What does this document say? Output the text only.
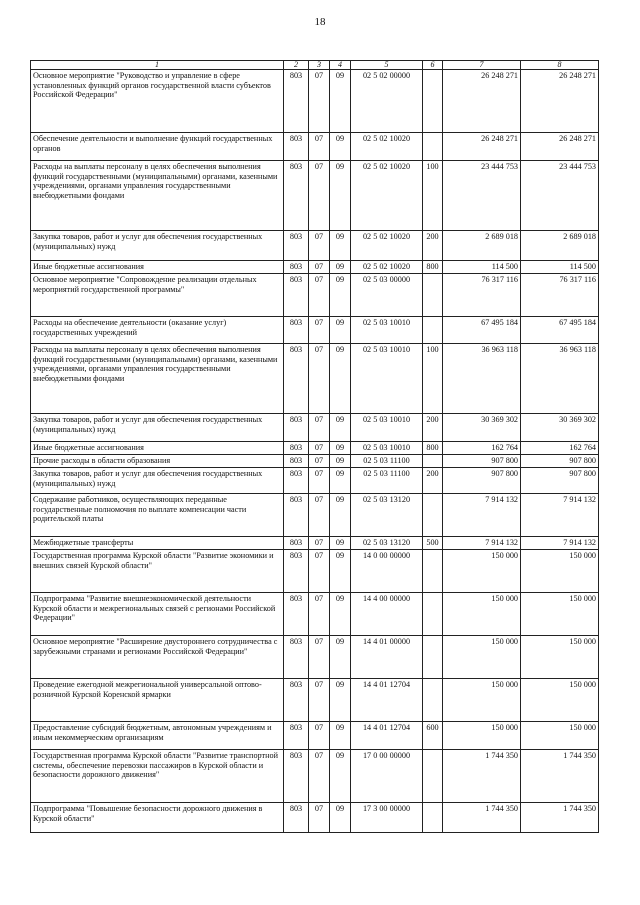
18
1	2	3	4	5	6	7	8
Основное мероприятие "Руководство и управление в сфере установленных функций органов государственной власти субъектов Российской Федерации"	803	07	09	02 5 02 00000		26 248 271	26 248 271
Обеспечение деятельности и выполнение функций государственных органов	803	07	09	02 5 02 10020		26 248 271	26 248 271
Расходы на выплаты персоналу в целях обеспечения выполнения функций государственными (муниципальными) органами, казенными учреждениями, органами управления государственными внебюджетными фондами	803	07	09	02 5 02 10020	100	23 444 753	23 444 753
Закупка товаров, работ и услуг для обеспечения государственных (муниципальных) нужд	803	07	09	02 5 02 10020	200	2 689 018	2 689 018
Иные бюджетные ассигнования	803	07	09	02 5 02 10020	800	114 500	114 500
Основное мероприятие "Сопровождение реализации отдельных мероприятий государственной программы"	803	07	09	02 5 03 00000		76 317 116	76 317 116
Расходы на обеспечение деятельности (оказание услуг) государственных учреждений	803	07	09	02 5 03 10010		67 495 184	67 495 184
Расходы на выплаты персоналу в целях обеспечения выполнения функций государственными (муниципальными) органами, казенными учреждениями, органами управления государственными внебюджетными фондами	803	07	09	02 5 03 10010	100	36 963 118	36 963 118
Закупка товаров, работ и услуг для обеспечения государственных (муниципальных) нужд	803	07	09	02 5 03 10010	200	30 369 302	30 369 302
Иные бюджетные ассигнования	803	07	09	02 5 03 10010	800	162 764	162 764
Прочие расходы в области образования	803	07	09	02 5 03 11100		907 800	907 800
Закупка товаров, работ и услуг для обеспечения государственных (муниципальных) нужд	803	07	09	02 5 03 11100	200	907 800	907 800
Содержание работников, осуществляющих переданные государственные полномочия по выплате компенсации части родительской платы	803	07	09	02 5 03 13120		7 914 132	7 914 132
Межбюджетные трансферты	803	07	09	02 5 03 13120	500	7 914 132	7 914 132
Государственная программа Курской области "Развитие экономики и внешних связей Курской области"	803	07	09	14 0 00 00000		150 000	150 000
Подпрограмма "Развитие внешнеэкономической деятельности Курской области и межрегиональных связей с регионами Российской Федерации"	803	07	09	14 4 00 00000		150 000	150 000
Основное мероприятие "Расширение двустороннего сотрудничества с зарубежными странами и регионами Российской Федерации"	803	07	09	14 4 01 00000		150 000	150 000
Проведение ежегодной межрегиональной универсальной оптово-розничной Курской Коренской ярмарки	803	07	09	14 4 01 12704		150 000	150 000
Предоставление субсидий бюджетным, автономным учреждениям и иным некоммерческим организациям	803	07	09	14 4 01 12704	600	150 000	150 000
Государственная программа Курской области "Развитие транспортной системы, обеспечение перевозки пассажиров в Курской области и безопасности дорожного движения"	803	07	09	17 0 00 00000		1 744 350	1 744 350
Подпрограмма "Повышение безопасности дорожного движения в Курской области"	803	07	09	17 3 00 00000		1 744 350	1 744 350
